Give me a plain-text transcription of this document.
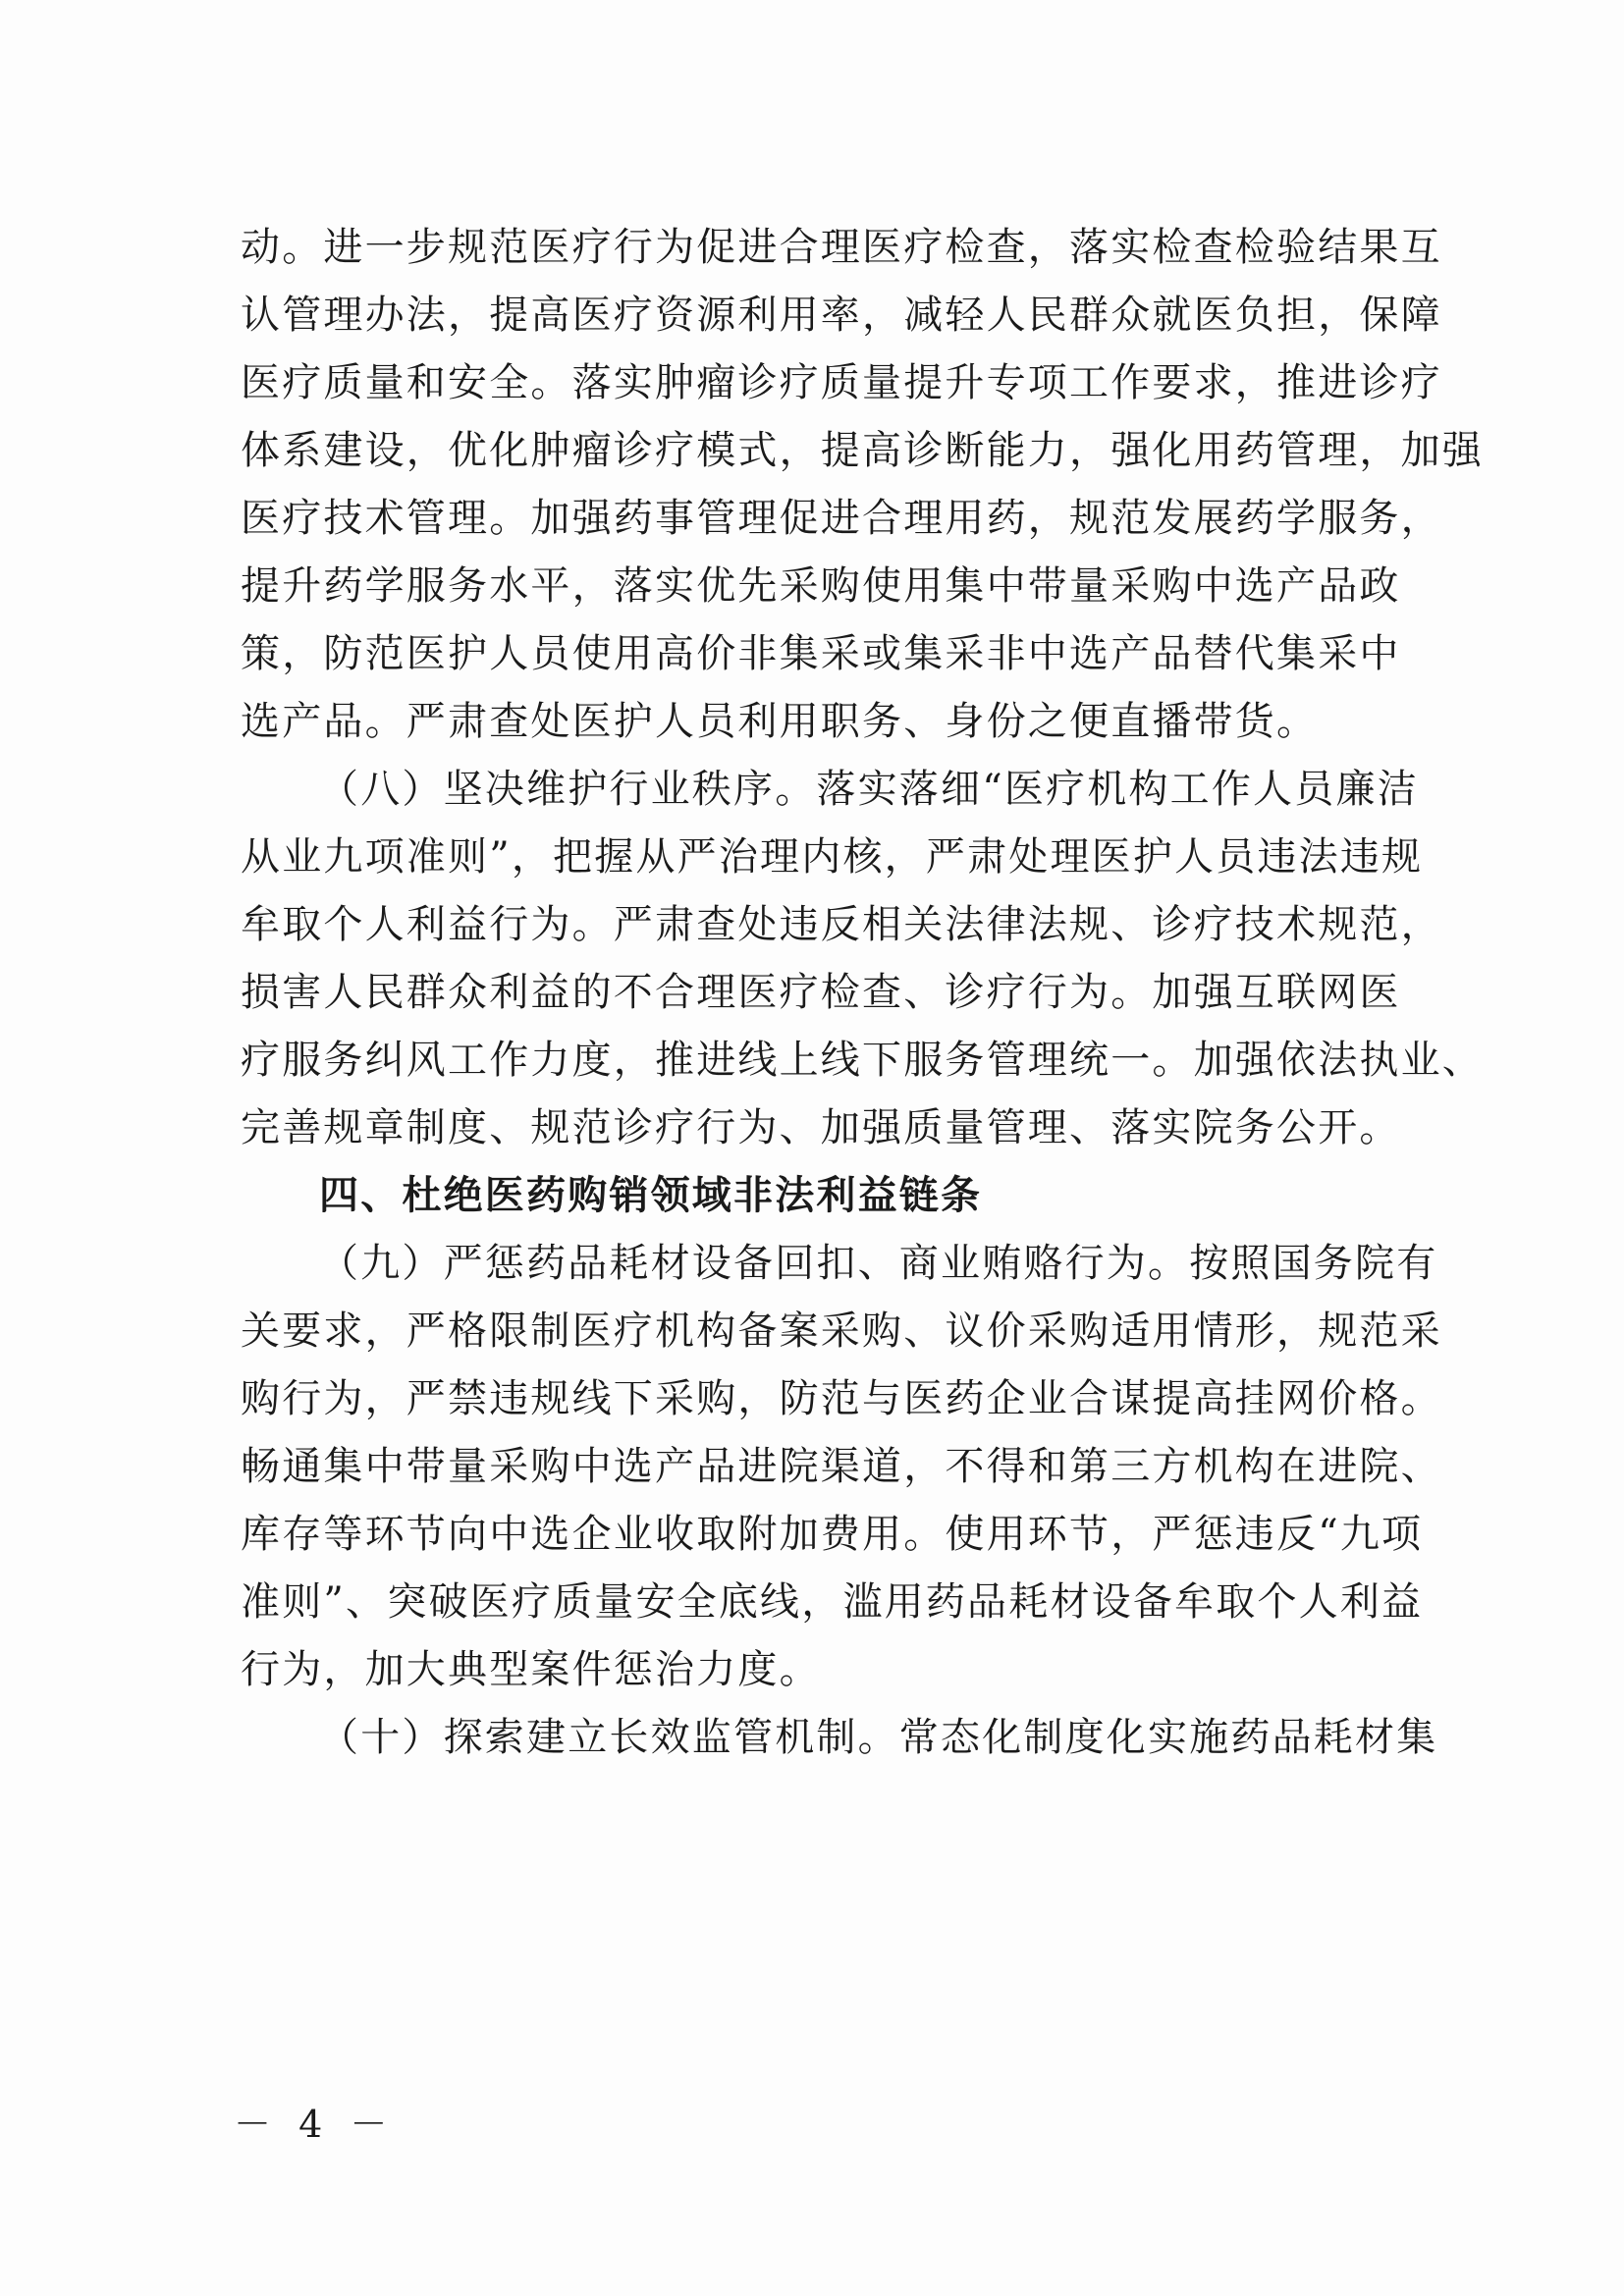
动。进一步规范医疗行为促进合理医疗检查，落实检查检验结果互
认管理办法，提高医疗资源利用率，减轻人民群众就医负担，保障
医疗质量和安全。落实肿瘤诊疗质量提升专项工作要求，推进诊疗
体系建设，优化肿瘤诊疗模式，提高诊断能力，强化用药管理，加强
医疗技术管理。加强药事管理促进合理用药，规范发展药学服务，
提升药学服务水平，落实优先采购使用集中带量采购中选产品政
策，防范医护人员使用高价非集采或集采非中选产品替代集采中
选产品。严肃查处医护人员利用职务、身份之便直播带货。
（八）坚决维护行业秩序。落实落细“医疗机构工作人员廉洁
从业九项准则”，把握从严治理内核，严肃处理医护人员违法违规
牟取个人利益行为。严肃查处违反相关法律法规、诊疗技术规范，
损害人民群众利益的不合理医疗检查、诊疗行为。加强互联网医
疗服务纠风工作力度，推进线上线下服务管理统一。加强依法执业、
完善规章制度、规范诊疗行为、加强质量管理、落实院务公开。
四、杜绝医药购销领域非法利益链条
（九）严惩药品耗材设备回扣、商业贿赂行为。按照国务院有
关要求，严格限制医疗机构备案采购、议价采购适用情形，规范采
购行为，严禁违规线下采购，防范与医药企业合谋提高挂网价格。
畅通集中带量采购中选产品进院渠道，不得和第三方机构在进院、
库存等环节向中选企业收取附加费用。使用环节，严惩违反“九项
准则”、突破医疗质量安全底线，滥用药品耗材设备牟取个人利益
行为，加大典型案件惩治力度。
（十）探索建立长效监管机制。常态化制度化实施药品耗材集
－ 4 －
